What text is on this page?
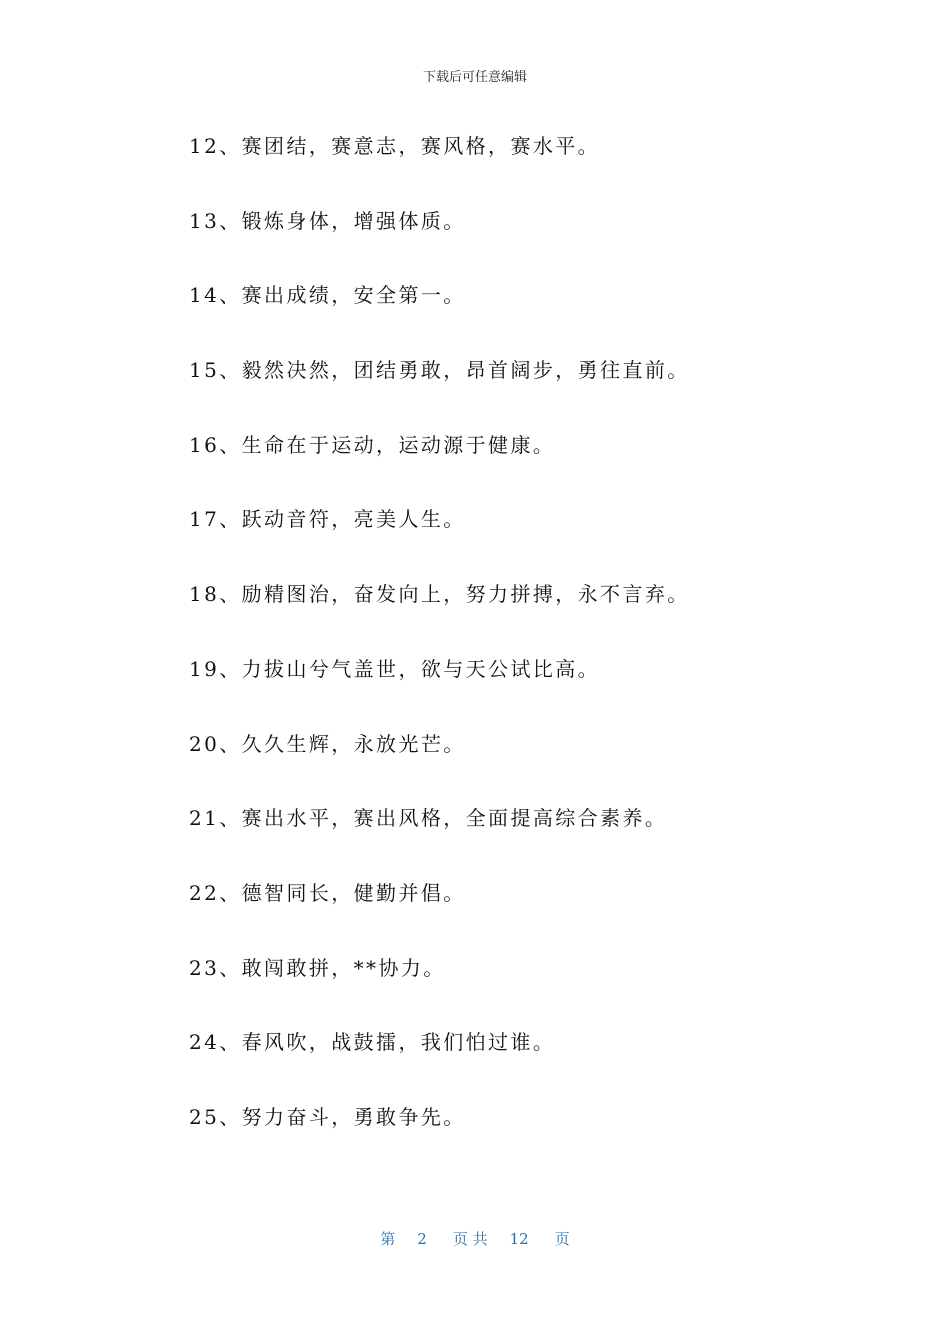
下载后可任意编辑
12、赛团结，赛意志，赛风格，赛水平。
13、锻炼身体，增强体质。
14、赛出成绩，安全第一。
15、毅然决然，团结勇敢，昂首阔步，勇往直前。
16、生命在于运动，运动源于健康。
17、跃动音符，亮美人生。
18、励精图治，奋发向上，努力拼搏，永不言弃。
19、力拔山兮气盖世，欲与天公试比高。
20、久久生辉，永放光芒。
21、赛出水平，赛出风格，全面提高综合素养。
22、德智同长，健勤并倡。
23、敢闯敢拼，**协力。
24、春风吹，战鼓擂，我们怕过谁。
25、努力奋斗，勇敢争先。
第 2 页 共 12 页
